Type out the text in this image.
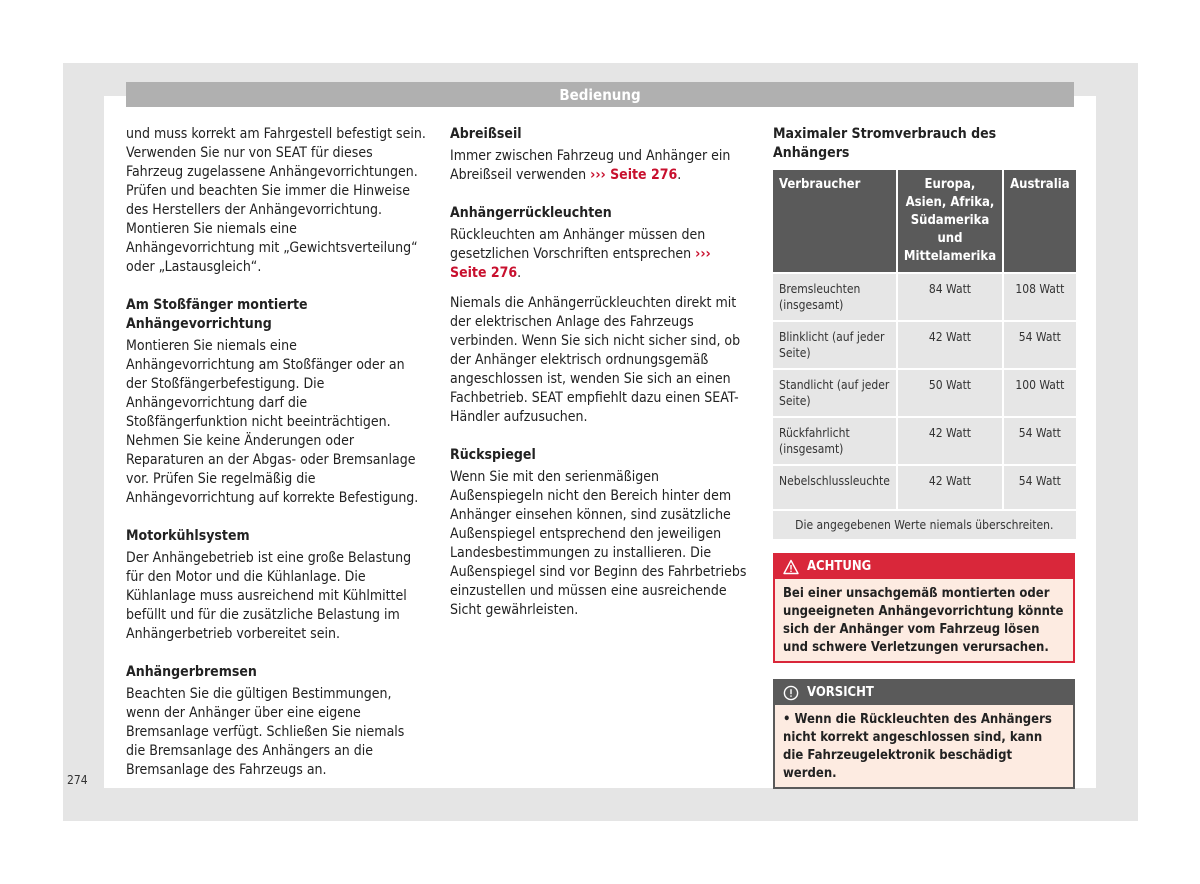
Bedienung

und muss korrekt am Fahrgestell befestigt sein. Verwenden Sie nur von SEAT für dieses Fahrzeug zugelassene Anhängevorrichtungen. Prüfen und beachten Sie immer die Hinweise des Herstellers der Anhängevorrichtung. Montieren Sie niemals eine Anhängevorrichtung mit „Gewichtsverteilung“ oder „Lastausgleich“.

Am Stoßfänger montierte Anhängevorrichtung

Montieren Sie niemals eine Anhängevorrichtung am Stoßfänger oder an der Stoßfängerbefestigung. Die Anhängevorrichtung darf die Stoßfängerfunktion nicht beeinträchtigen. Nehmen Sie keine Änderungen oder Reparaturen an der Abgas- oder Bremsanlage vor. Prüfen Sie regelmäßig die Anhängevorrichtung auf korrekte Befestigung.

Motorkühlsystem

Der Anhängebetrieb ist eine große Belastung für den Motor und die Kühlanlage. Die Kühlanlage muss ausreichend mit Kühlmittel befüllt und für die zusätzliche Belastung im Anhängerbetrieb vorbereitet sein.

Anhängerbremsen

Beachten Sie die gültigen Bestimmungen, wenn der Anhänger über eine eigene Bremsanlage verfügt. Schließen Sie niemals die Bremsanlage des Anhängers an die Bremsanlage des Fahrzeugs an.

Abreißseil

Immer zwischen Fahrzeug und Anhänger ein Abreißseil verwenden ››› Seite 276.

Anhängerrückleuchten

Rückleuchten am Anhänger müssen den gesetzlichen Vorschriften entsprechen ››› Seite 276.

Niemals die Anhängerrückleuchten direkt mit der elektrischen Anlage des Fahrzeugs verbinden. Wenn Sie sich nicht sicher sind, ob der Anhänger elektrisch ordnungsgemäß angeschlossen ist, wenden Sie sich an einen Fachbetrieb. SEAT empfiehlt dazu einen SEAT-Händler aufzusuchen.

Rückspiegel

Wenn Sie mit den serienmäßigen Außenspiegeln nicht den Bereich hinter dem Anhänger einsehen können, sind zusätzliche Außenspiegel entsprechend den jeweiligen Landesbestimmungen zu installieren. Die Außenspiegel sind vor Beginn des Fahrbetriebs einzustellen und müssen eine ausreichende Sicht gewährleisten.

Maximaler Stromverbrauch des Anhängers
Verbraucher	Europa, Asien, Afrika, Südamerika und Mittelamerika	Australia
Bremsleuchten (insgesamt)	84 Watt	108 Watt
Blinklicht (auf jeder Seite)	42 Watt	54 Watt
Standlicht (auf jeder Seite)	50 Watt	100 Watt
Rückfahrlicht (insgesamt)	42 Watt	54 Watt
Nebelschlussleuchte	42 Watt	54 Watt
Die angegebenen Werte niemals überschreiten.		
ACHTUNG
Bei einer unsachgemäß montierten oder ungeeigneten Anhängevorrichtung könnte sich der Anhänger vom Fahrzeug lösen und schwere Verletzungen verursachen.
VORSICHT
• Wenn die Rückleuchten des Anhängers nicht korrekt angeschlossen sind, kann die Fahrzeugelektronik beschädigt werden.
274
